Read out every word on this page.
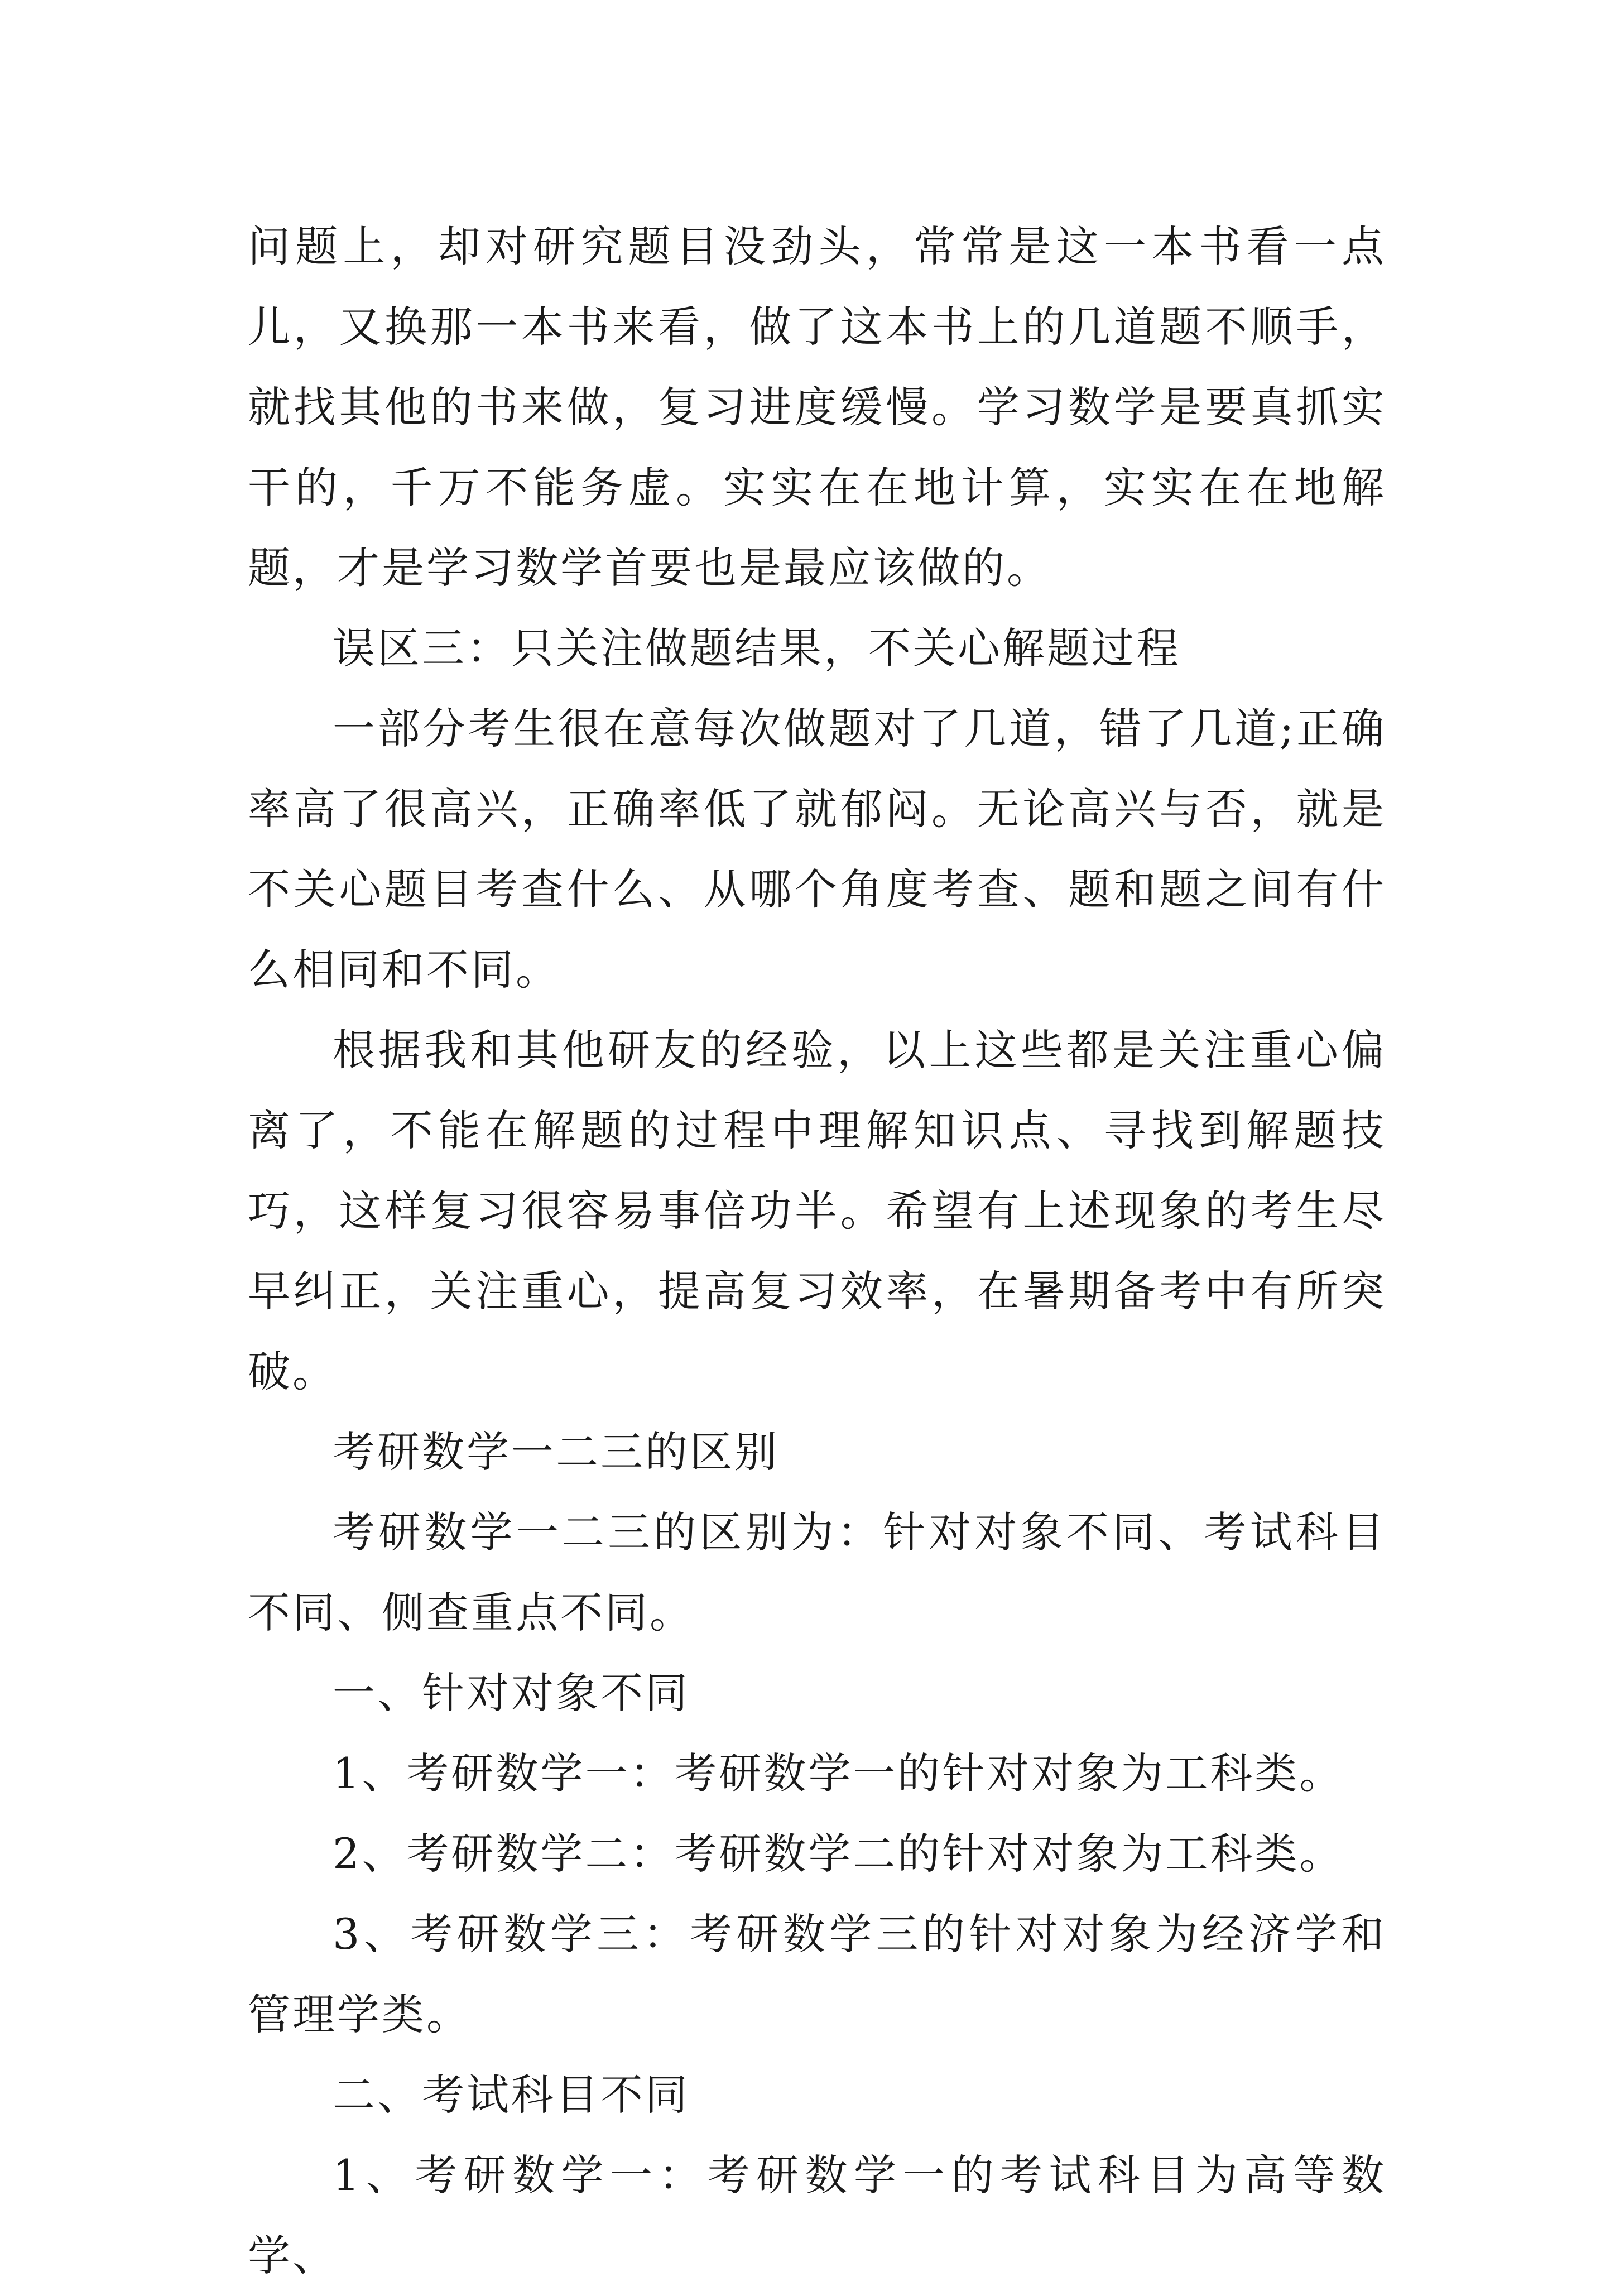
问题上，却对研究题目没劲头，常常是这一本书看一点儿，又换那一本书来看，做了这本书上的几道题不顺手，就找其他的书来做，复习进度缓慢。学习数学是要真抓实干的，千万不能务虚。实实在在地计算，实实在在地解题，才是学习数学首要也是最应该做的。

误区三：只关注做题结果，不关心解题过程

一部分考生很在意每次做题对了几道，错了几道;正确率高了很高兴，正确率低了就郁闷。无论高兴与否，就是不关心题目考查什么、从哪个角度考查、题和题之间有什么相同和不同。

根据我和其他研友的经验，以上这些都是关注重心偏离了，不能在解题的过程中理解知识点、寻找到解题技巧，这样复习很容易事倍功半。希望有上述现象的考生尽早纠正，关注重心，提高复习效率，在暑期备考中有所突破。

考研数学一二三的区别

考研数学一二三的区别为：针对对象不同、考试科目不同、侧查重点不同。

一、针对对象不同

1、考研数学一：考研数学一的针对对象为工科类。

2、考研数学二：考研数学二的针对对象为工科类。

3、考研数学三：考研数学三的针对对象为经济学和管理学类。

二、考试科目不同

1、考研数学一：考研数学一的考试科目为高等数学、
